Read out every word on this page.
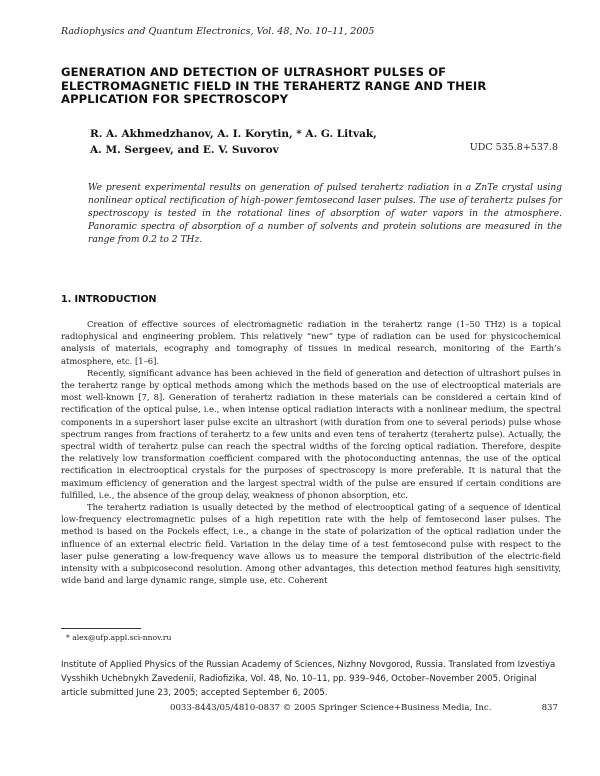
Radiophysics and Quantum Electronics, Vol. 48, No. 10–11, 2005
GENERATION AND DETECTION OF ULTRASHORT PULSES OF ELECTROMAGNETIC FIELD IN THE TERAHERTZ RANGE AND THEIR APPLICATION FOR SPECTROSCOPY
R. A. Akhmedzhanov, A. I. Korytin, * A. G. Litvak,
A. M. Sergeev, and E. V. Suvorov	UDC 535.8+537.8
We present experimental results on generation of pulsed terahertz radiation in a ZnTe crystal using nonlinear optical rectification of high-power femtosecond laser pulses. The use of terahertz pulses for spectroscopy is tested in the rotational lines of absorption of water vapors in the atmosphere. Panoramic spectra of absorption of a number of solvents and protein solutions are measured in the range from 0.2 to 2 THz.
1. INTRODUCTION

Creation of effective sources of electromagnetic radiation in the terahertz range (1–50 THz) is a topical radiophysical and engineering problem. This relatively “new” type of radiation can be used for physicochemical analysis of materials, ecography and tomography of tissues in medical research, monitoring of the Earth’s atmosphere, etc. [1–6].

Recently, significant advance has been achieved in the field of generation and detection of ultrashort pulses in the terahertz range by optical methods among which the methods based on the use of electrooptical materials are most well-known [7, 8]. Generation of terahertz radiation in these materials can be considered a certain kind of rectification of the optical pulse, i.e., when intense optical radiation interacts with a nonlinear medium, the spectral components in a supershort laser pulse excite an ultrashort (with duration from one to several periods) pulse whose spectrum ranges from fractions of terahertz to a few units and even tens of terahertz (terahertz pulse). Actually, the spectral width of terahertz pulse can reach the spectral widths of the forcing optical radiation. Therefore, despite the relatively low transformation coefficient compared with the photoconducting antennas, the use of the optical rectification in electrooptical crystals for the purposes of spectroscopy is more preferable. It is natural that the maximum efficiency of generation and the largest spectral width of the pulse are ensured if certain conditions are fulfilled, i.e., the absence of the group delay, weakness of phonon absorption, etc.

The terahertz radiation is usually detected by the method of electrooptical gating of a sequence of identical low-frequency electromagnetic pulses of a high repetition rate with the help of femtosecond laser pulses. The method is based on the Pockels effect, i.e., a change in the state of polarization of the optical radiation under the influence of an external electric field. Variation in the delay time of a test femtosecond pulse with respect to the laser pulse generating a low-frequency wave allows us to measure the temporal distribution of the electric-field intensity with a subpicosecond resolution. Among other advantages, this detection method features high sensitivity, wide band and large dynamic range, simple use, etc. Coherent

* alex@ufp.appl.sci-nnov.ru
Institute of Applied Physics of the Russian Academy of Sciences, Nizhny Novgorod, Russia. Translated from Izvestiya Vysshikh Uchebnykh Zavedenii, Radiofizika, Vol. 48, No. 10–11, pp. 939–946, October–November 2005. Original article submitted June 23, 2005; accepted September 6, 2005.
0033-8443/05/4810-0837 © 2005 Springer Science+Business Media, Inc.	837
